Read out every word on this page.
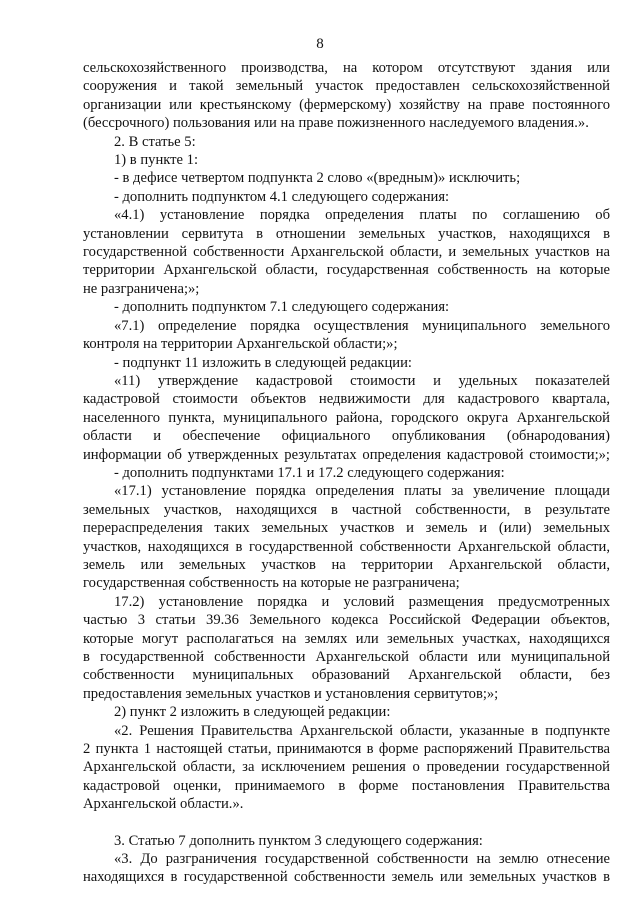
8

сельскохозяйственного производства, на котором отсутствуют здания или

сооружения и такой земельный участок предоставлен сельскохозяйственной

организации или крестьянскому (фермерскому) хозяйству на праве постоянного

(бессрочного) пользования или на праве пожизненного наследуемого владения.».

2. В статье 5:

1) в пункте 1:

- в дефисе четвертом подпункта 2 слово «(вредным)» исключить;

- дополнить подпунктом 4.1 следующего содержания:

«4.1) установление порядка определения платы по соглашению об

установлении сервитута в отношении земельных участков, находящихся в

государственной собственности Архангельской области, и земельных участков на

территории Архангельской области, государственная собственность на которые

не разграничена;»;

- дополнить подпунктом 7.1 следующего содержания:

«7.1) определение порядка осуществления муниципального земельного

контроля на территории Архангельской области;»;

- подпункт 11 изложить в следующей редакции:

«11) утверждение кадастровой стоимости и удельных показателей

кадастровой стоимости объектов недвижимости для кадастрового квартала,

населенного пункта, муниципального района, городского округа Архангельской

области и обеспечение официального опубликования (обнародования)

информации об утвержденных результатах определения кадастровой стоимости;»;

- дополнить подпунктами 17.1 и 17.2 следующего содержания:

«17.1) установление порядка определения платы за увеличение площади

земельных участков, находящихся в частной собственности, в результате

перераспределения таких земельных участков и земель и (или) земельных

участков, находящихся в государственной собственности Архангельской области,

земель или земельных участков на территории Архангельской области,

государственная собственность на которые не разграничена;

17.2) установление порядка и условий размещения предусмотренных

частью 3 статьи 39.36 Земельного кодекса Российской Федерации объектов,

которые могут располагаться на землях или земельных участках, находящихся

в государственной собственности Архангельской области или муниципальной

собственности муниципальных образований Архангельской области, без

предоставления земельных участков и установления сервитутов;»;

2) пункт 2 изложить в следующей редакции:

«2. Решения Правительства Архангельской области, указанные в подпункте

2 пункта 1 настоящей статьи, принимаются в форме распоряжений Правительства

Архангельской области, за исключением решения о проведении государственной

кадастровой оценки, принимаемого в форме постановления Правительства

Архангельской области.».

3. Статью 7 дополнить пунктом 3 следующего содержания:

«3. До разграничения государственной собственности на землю отнесение

находящихся в государственной собственности земель или земельных участков в
